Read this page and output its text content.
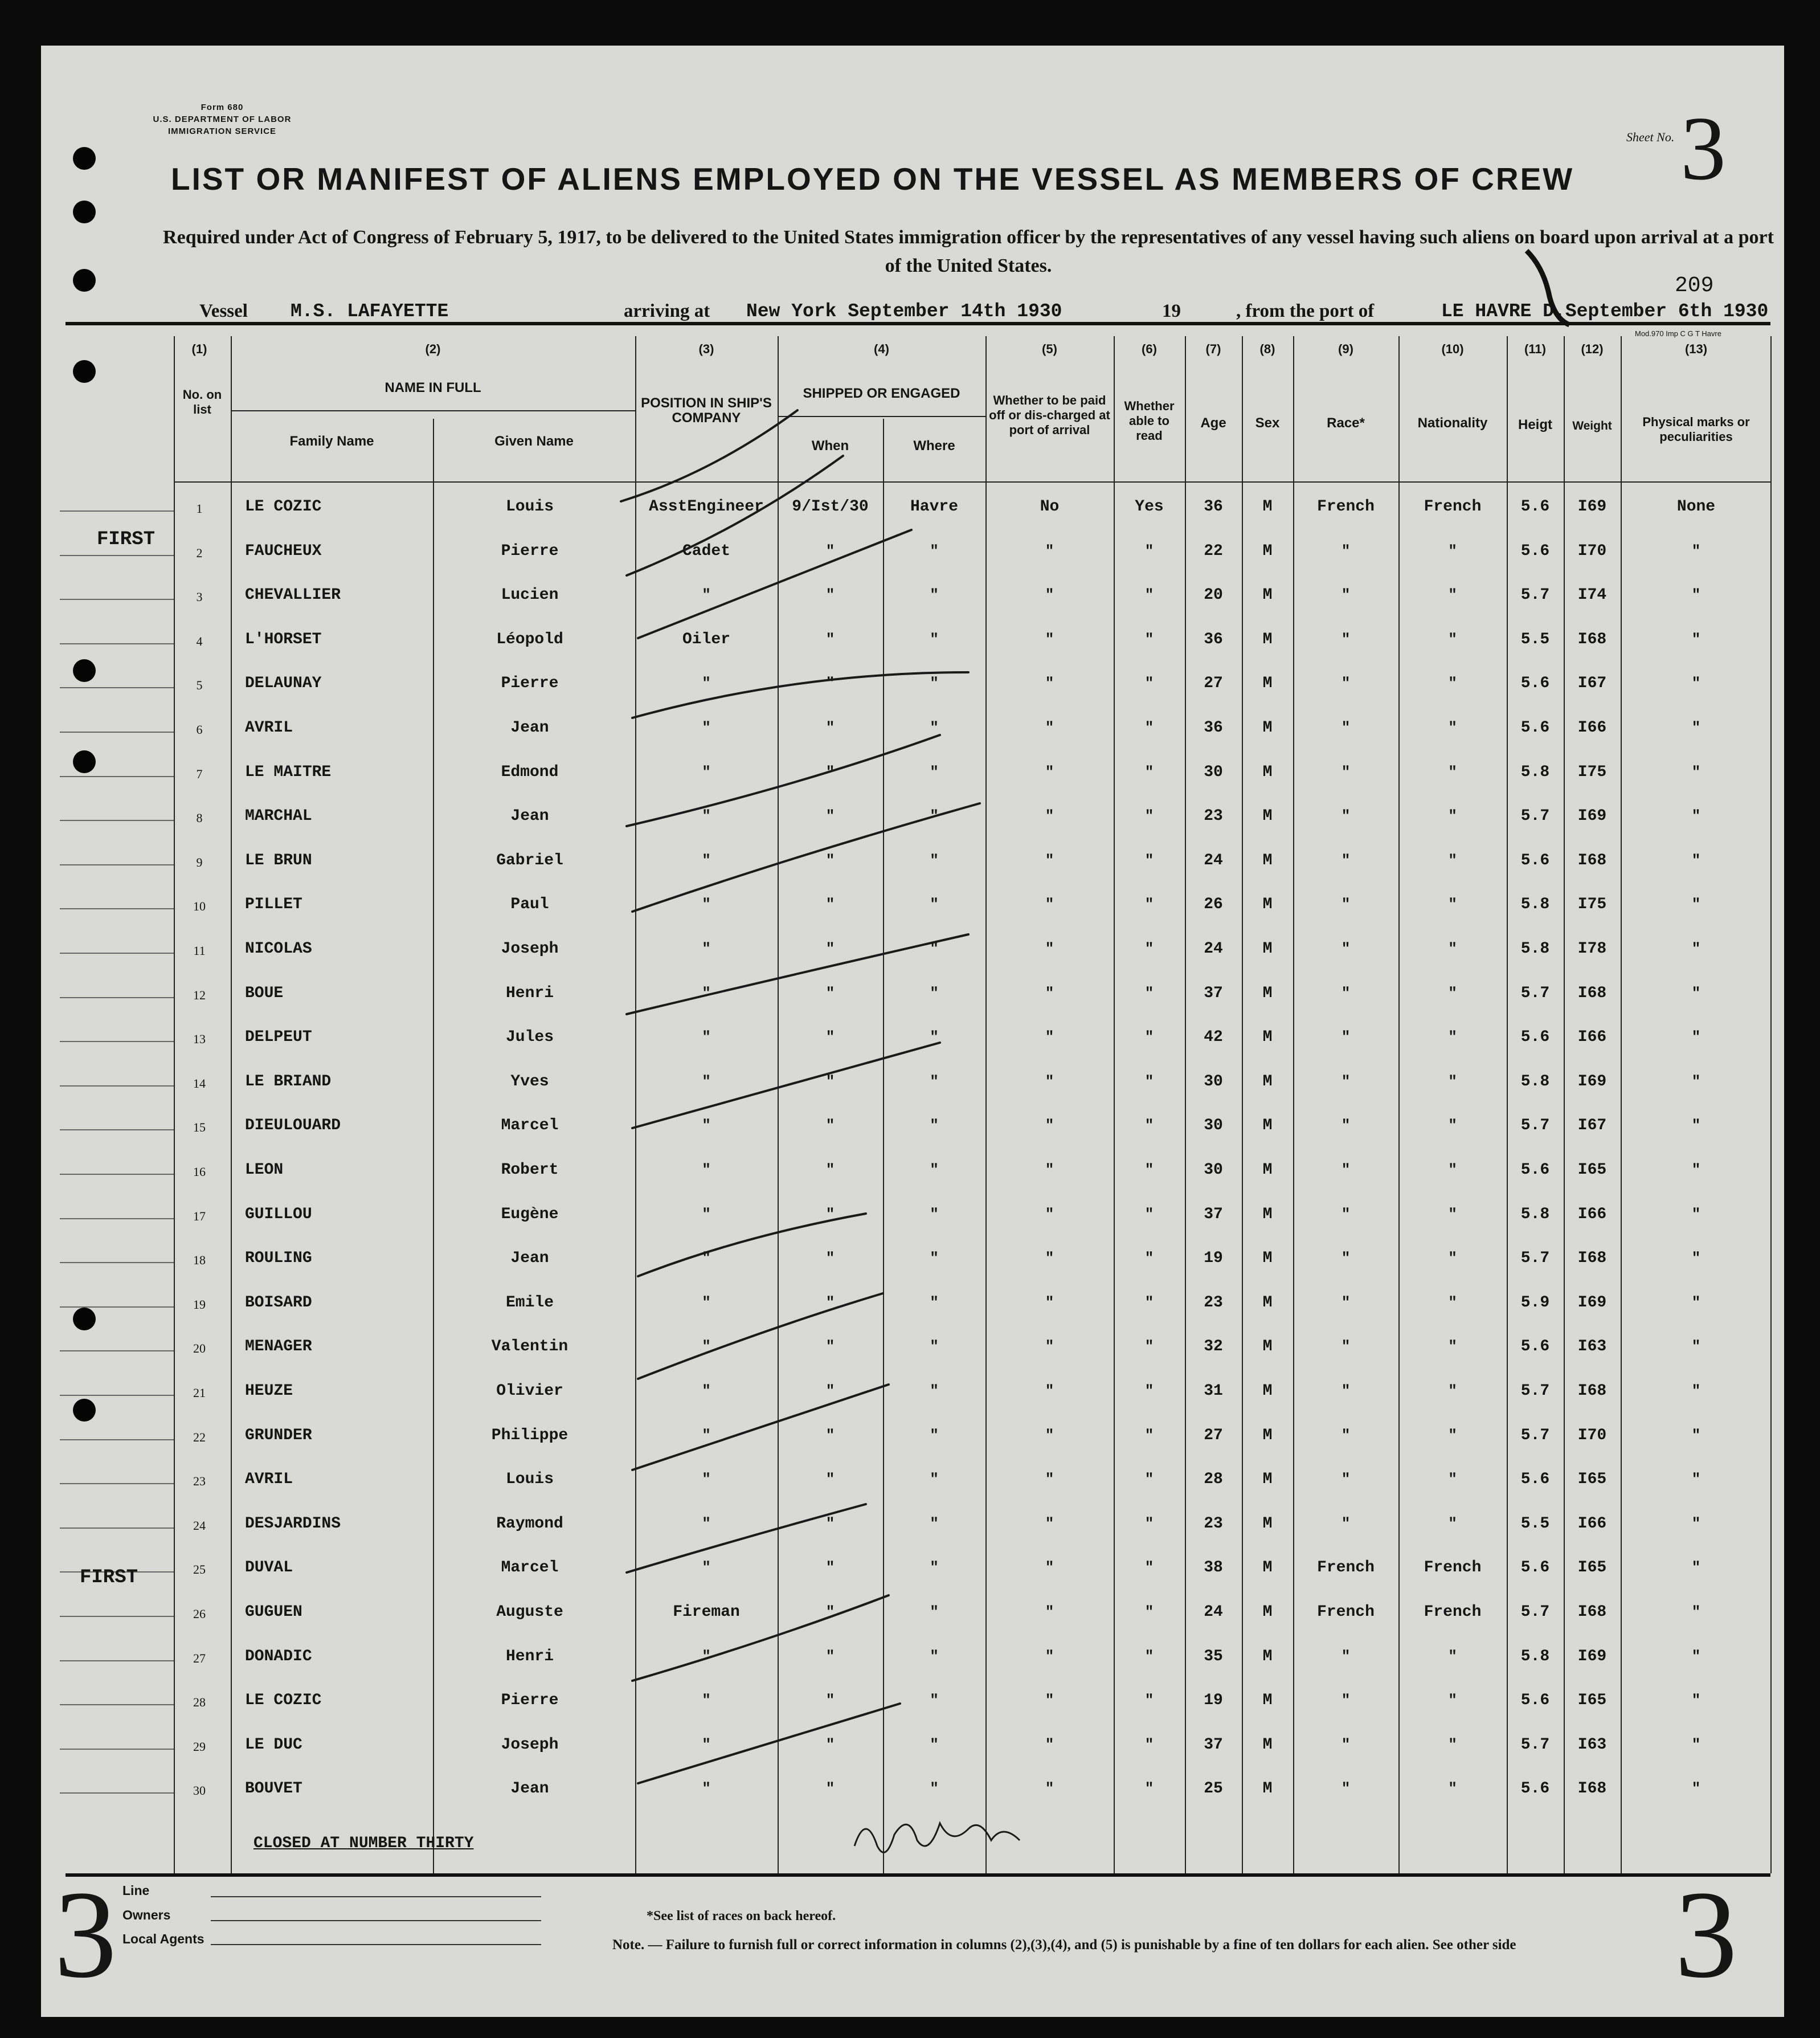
Form 680
U.S. DEPARTMENT OF LABOR
IMMIGRATION SERVICE	Sheet No. 3
LIST OR MANIFEST OF ALIENS EMPLOYED ON THE VESSEL AS MEMBERS OF CREW
Required under Act of Congress of February 5, 1917, to be delivered to the United States immigration officer by the representatives of any vessel having such aliens on board upon arrival at a port of the United States.
209
Vessel M.S. LAFAYETTE	arriving at New York September 14th 1930	19	, from the port of	LE HAVRE D.September 6th 1930
Mod.970 Imp C G T Havre
(1)	(2)	(3)	(4)	(5)	(6)	(7)	(8)	(9)	(10)	(11)	(12)	(13)
No. on list
NAME IN FULL
Family Name	Given Name
POSITION IN SHIP'S COMPANY
SHIPPED OR ENGAGED
When	Where
Whether to be paid off or dis-charged at port of arrival
Whether able to read
Age	Sex	Race*	Nationality	Heigt	Weight	Physical marks or peculiarities
1	LE COZIC	Louis	AsstEngineer	9/Ist/30	Havre	No	Yes	36	M	French	French	5.6	I69	None
2	FAUCHEUX	Pierre	Cadet	"	"	"	"	22	M	"	"	5.6	I70	"
3	CHEVALLIER	Lucien	"	"	"	"	"	20	M	"	"	5.7	I74	"
4	L'HORSET	Léopold	Oiler	"	"	"	"	36	M	"	"	5.5	I68	"
5	DELAUNAY	Pierre	"	"	"	"	"	27	M	"	"	5.6	I67	"
6	AVRIL	Jean	"	"	"	"	"	36	M	"	"	5.6	I66	"
7	LE MAITRE	Edmond	"	"	"	"	"	30	M	"	"	5.8	I75	"
8	MARCHAL	Jean	"	"	"	"	"	23	M	"	"	5.7	I69	"
9	LE BRUN	Gabriel	"	"	"	"	"	24	M	"	"	5.6	I68	"
10	PILLET	Paul	"	"	"	"	"	26	M	"	"	5.8	I75	"
11	NICOLAS	Joseph	"	"	"	"	"	24	M	"	"	5.8	I78	"
12	BOUE	Henri	"	"	"	"	"	37	M	"	"	5.7	I68	"
13	DELPEUT	Jules	"	"	"	"	"	42	M	"	"	5.6	I66	"
14	LE BRIAND	Yves	"	"	"	"	"	30	M	"	"	5.8	I69	"
15	DIEULOUARD	Marcel	"	"	"	"	"	30	M	"	"	5.7	I67	"
16	LEON	Robert	"	"	"	"	"	30	M	"	"	5.6	I65	"
17	GUILLOU	Eugène	"	"	"	"	"	37	M	"	"	5.8	I66	"
18	ROULING	Jean	"	"	"	"	"	19	M	"	"	5.7	I68	"
19	BOISARD	Emile	"	"	"	"	"	23	M	"	"	5.9	I69	"
20	MENAGER	Valentin	"	"	"	"	"	32	M	"	"	5.6	I63	"
21	HEUZE	Olivier	"	"	"	"	"	31	M	"	"	5.7	I68	"
22	GRUNDER	Philippe	"	"	"	"	"	27	M	"	"	5.7	I70	"
23	AVRIL	Louis	"	"	"	"	"	28	M	"	"	5.6	I65	"
24	DESJARDINS	Raymond	"	"	"	"	"	23	M	"	"	5.5	I66	"
25	DUVAL	Marcel	"	"	"	"	"	38	M	French	French	5.6	I65	"
26	GUGUEN	Auguste	Fireman	"	"	"	"	24	M	French	French	5.7	I68	"
27	DONADIC	Henri	"	"	"	"	"	35	M	"	"	5.8	I69	"
28	LE COZIC	Pierre	"	"	"	"	"	19	M	"	"	5.6	I65	"
29	LE DUC	Joseph	"	"	"	"	"	37	M	"	"	5.7	I63	"
30	BOUVET	Jean	"	"	"	"	"	25	M	"	"	5.6	I68	"
FIRST
FIRST
CLOSED AT NUMBER THIRTY
3	3
Line
Owners
Local Agents
*See list of races on back hereof.
Note. — Failure to furnish full or correct information in columns (2),(3),(4), and (5) is punishable by a fine of ten dollars for each alien. See other side
